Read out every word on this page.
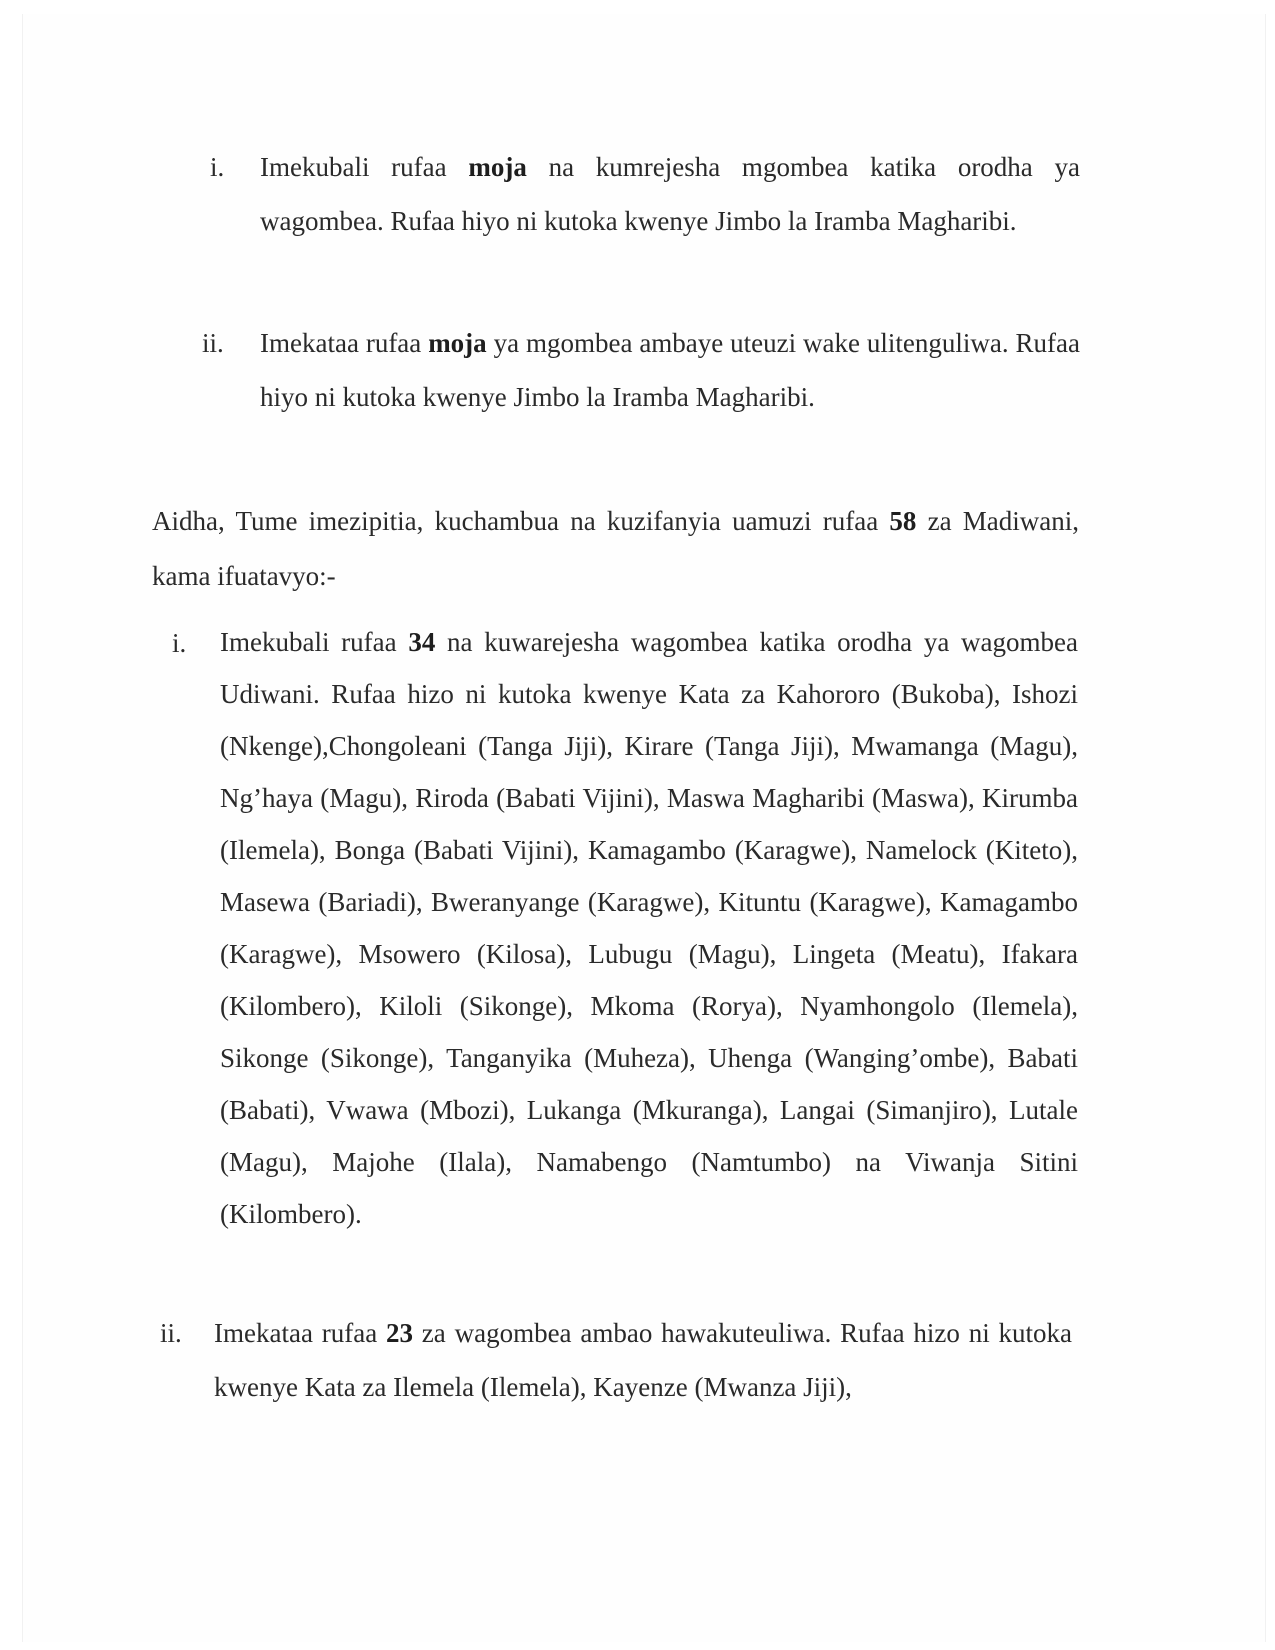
i. Imekubali rufaa moja na kumrejesha mgombea katika orodha ya wagombea. Rufaa hiyo ni kutoka kwenye Jimbo la Iramba Magharibi.
ii. Imekataa rufaa moja ya mgombea ambaye uteuzi wake ulitenguliwa. Rufaa hiyo ni kutoka kwenye Jimbo la Iramba Magharibi.
Aidha, Tume imezipitia, kuchambua na kuzifanyia uamuzi rufaa 58 za Madiwani, kama ifuatavyo:-
i. Imekubali rufaa 34 na kuwarejesha wagombea katika orodha ya wagombea Udiwani. Rufaa hizo ni kutoka kwenye Kata za Kahororo (Bukoba), Ishozi (Nkenge),Chongoleani (Tanga Jiji), Kirare (Tanga Jiji), Mwamanga (Magu), Ng’haya (Magu), Riroda (Babati Vijini), Maswa Magharibi (Maswa), Kirumba (Ilemela), Bonga (Babati Vijini), Kamagambo (Karagwe), Namelock (Kiteto), Masewa (Bariadi), Bweranyange (Karagwe), Kituntu (Karagwe), Kamagambo (Karagwe), Msowero (Kilosa), Lubugu (Magu), Lingeta (Meatu), Ifakara (Kilombero), Kiloli (Sikonge), Mkoma (Rorya), Nyamhongolo (Ilemela), Sikonge (Sikonge), Tanganyika (Muheza), Uhenga (Wanging’ombe), Babati (Babati), Vwawa (Mbozi), Lukanga (Mkuranga), Langai (Simanjiro), Lutale (Magu), Majohe (Ilala), Namabengo (Namtumbo) na Viwanja Sitini (Kilombero).
ii. Imekataa rufaa 23 za wagombea ambao hawakuteuliwa. Rufaa hizo ni kutoka kwenye Kata za Ilemela (Ilemela), Kayenze (Mwanza Jiji),
